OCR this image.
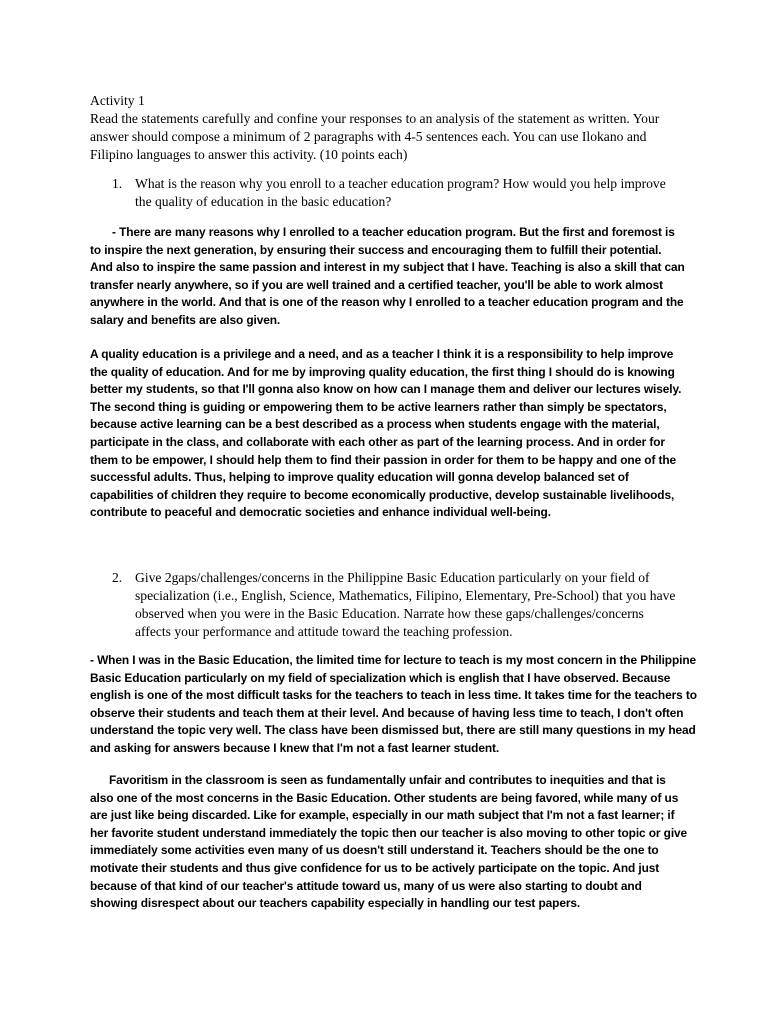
Activity 1

Read the statements carefully and confine your responses to an analysis of the statement as written. Your answer should compose a minimum of 2 paragraphs with 4-5 sentences each. You can use Ilokano and Filipino languages to answer this activity. (10 points each)

1. What is the reason why you enroll to a teacher education program? How would you help improve the quality of education in the basic education?

- There are many reasons why I enrolled to a teacher education program. But the first and foremost is to inspire the next generation, by ensuring their success and encouraging them to fulfill their potential. And also to inspire the same passion and interest in my subject that I have. Teaching is also a skill that can transfer nearly anywhere, so if you are well trained and a certified teacher, you'll be able to work almost anywhere in the world. And that is one of the reason why I enrolled to a teacher education program and the salary and benefits are also given.

A quality education is a privilege and a need, and as a teacher I think it is a responsibility to help improve the quality of education. And for me by improving quality education, the first thing I should do is knowing better my students, so that I'll gonna also know on how can I manage them and deliver our lectures wisely. The second thing is guiding or empowering them to be active learners rather than simply be spectators, because active learning can be a best described as a process when students engage with the material, participate in the class, and collaborate with each other as part of the learning process. And in order for them to be empower, I should help them to find their passion in order for them to be happy and one of the successful adults. Thus, helping to improve quality education will gonna develop balanced set of capabilities of children they require to become economically productive, develop sustainable livelihoods, contribute to peaceful and democratic societies and enhance individual well-being.

2. Give 2gaps/challenges/concerns in the Philippine Basic Education particularly on your field of specialization (i.e., English, Science, Mathematics, Filipino, Elementary, Pre-School) that you have observed when you were in the Basic Education. Narrate how these gaps/challenges/concerns affects your performance and attitude toward the teaching profession.

- When I was in the Basic Education, the limited time for lecture to teach is my most concern in the Philippine Basic Education particularly on my field of specialization which is english that I have observed. Because english is one of the most difficult tasks for the teachers to teach in less time. It takes time for the teachers to observe their students and teach them at their level. And because of having less time to teach, I don't often understand the topic very well. The class have been dismissed but, there are still many questions in my head and asking for answers because I knew that I'm not a fast learner student.

Favoritism in the classroom is seen as fundamentally unfair and contributes to inequities and that is also one of the most concerns in the Basic Education. Other students are being favored, while many of us are just like being discarded. Like for example, especially in our math subject that I'm not a fast learner; if her favorite student understand immediately the topic then our teacher is also moving to other topic or give immediately some activities even many of us doesn't still understand it. Teachers should be the one to motivate their students and thus give confidence for us to be actively participate on the topic. And just because of that kind of our teacher's attitude toward us, many of us were also starting to doubt and showing disrespect about our teachers capability especially in handling our test papers.
